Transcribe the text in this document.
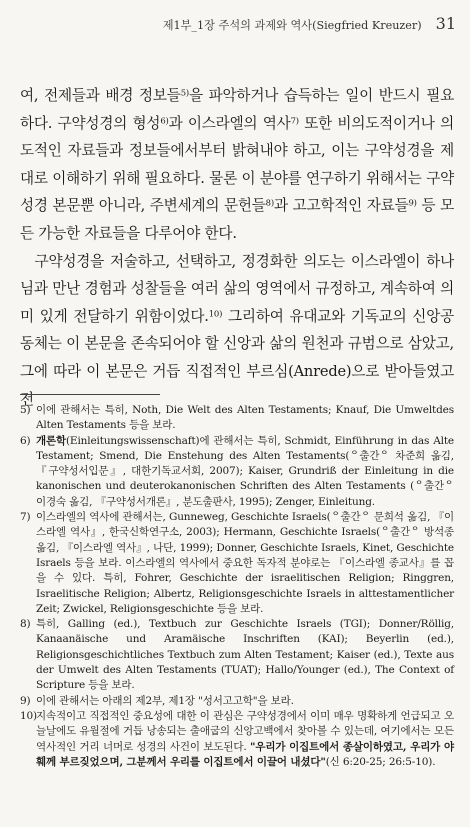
제1부_1장 주석의 과제와 역사(Siegfried Kreuzer) 31

여, 전제들과 배경 정보들$^{5)}$을 파악하거나 습득하는 일이 반드시 필요하다. 구약성경의 형성$^{6)}$과 이스라엘의 역사$^{7)}$ 또한 비의도적이거나 의도적인 자료들과 정보들에서부터 밝혀내야 하고, 이는 구약성경을 제대로 이해하기 위해 필요하다. 물론 이 분야를 연구하기 위해서는 구약성경 본문뿐 아니라, 주변세계의 문헌들$^{8)}$과 고고학적인 자료들$^{9)}$ 등 모든 가능한 자료들을 다루어야 한다.

구약성경을 저술하고, 선택하고, 정경화한 의도는 이스라엘이 하나님과 만난 경험과 성찰들을 여러 삶의 영역에서 규정하고, 계속하여 의미 있게 전달하기 위함이었다.$^{10)}$ 그리하여 유대교와 기독교의 신앙공동체는 이 본문을 존속되어야 할 신앙과 삶의 원천과 규범으로 삼았고, 그에 따라 이 본문은 거듭 직접적인 부르심(Anrede)으로 받아들였고 전

5) 이에 관해서는 특히, Noth, Die Welt des Alten Testaments; Knauf, Die Umweltdes Alten Testaments 등을 보라.
6) 개론학(Einleitungswissenschaft)에 관해서는 특히, Schmidt, Einführung in das Alte Testament; Smend, Die Enstehung des Alten Testaments(ᄋ출간ᄋ 차준희 옮김, 『구약성서입문』, 대한기독교서회, 2007); Kaiser, Grundriß der Einleitung in die kanonischen und deuterokanonischen Schriften des Alten Testaments (ᄋ출간ᄋ 이경숙 옮김, 『구약성서개론』, 분도출판사, 1995); Zenger, Einleitung.
7) 이스라엘의 역사에 관해서는, Gunneweg, Geschichte Israels(ᄋ출간ᄋ 문희석 옮김, 『이스라엘 역사』, 한국신학연구소, 2003); Hermann, Geschichte Israels(ᄋ출간ᄋ 방석종 옮김, 『이스라엘 역사』, 나단, 1999); Donner, Geschichte Israels, Kinet, Geschichte Israels 등을 보라. 이스라엘의 역사에서 중요한 독자적 분야로는 『이스라엘 종교사』를 꼽을 수 있다. 특히, Fohrer, Geschichte der israelitischen Religion; Ringgren, Israelitische Religion; Albertz, Religionsgeschichte Israels in alttestamentlicher Zeit; Zwickel, Religionsgeschichte 등을 보라.
8) 특히, Galling (ed.), Textbuch zur Geschichte Israels (TGI); Donner/Röllig, Kanaanäische und Aramäische Inschriften (KAI); Beyerlin (ed.), Religionsgeschichtliches Textbuch zum Alten Testament; Kaiser (ed.), Texte aus der Umwelt des Alten Testaments (TUAT); Hallo/Younger (ed.), The Context of Scripture 등을 보라.
9) 이에 관해서는 아래의 제2부, 제1장 "성서고고학"을 보라.
10)
지속적이고 직접적인 중요성에 대한 이 관심은 구약성경에서 이미 매우 명확하게 언급되고 오늘날에도 유월절에 거듭 낭송되는 출애굽의 신앙고백에서 찾아볼 수 있는데, 여기에서는 모든 역사적인 거리 너머로 성경의 사건이 보도된다. "우리가 이집트에서 종살이하였고, 우리가 야훼께 부르짖었으며, 그분께서 우리를 이집트에서 이끌어 내셨다"(신 6:20-25; 26:5-10).
